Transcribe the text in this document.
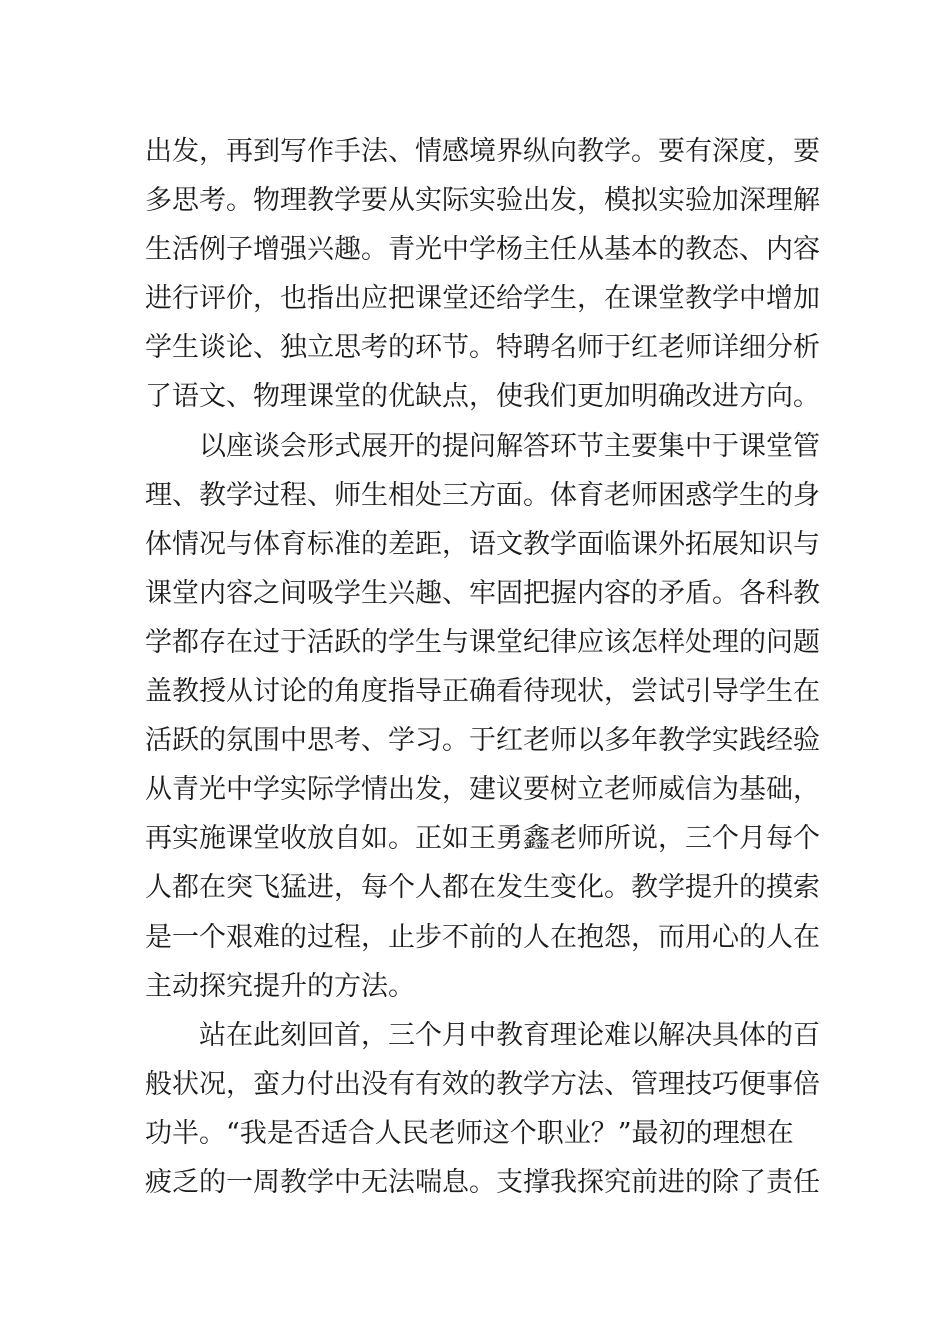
出发，再到写作手法、情感境界纵向教学。要有深度，要
多思考。物理教学要从实际实验出发，模拟实验加深理解
生活例子增强兴趣。青光中学杨主任从基本的教态、内容
进行评价，也指出应把课堂还给学生，在课堂教学中增加
学生谈论、独立思考的环节。特聘名师于红老师详细分析
了语文、物理课堂的优缺点，使我们更加明确改进方向。
以座谈会形式展开的提问解答环节主要集中于课堂管
理、教学过程、师生相处三方面。体育老师困惑学生的身
体情况与体育标准的差距，语文教学面临课外拓展知识与
课堂内容之间吸学生兴趣、牢固把握内容的矛盾。各科教
学都存在过于活跃的学生与课堂纪律应该怎样处理的问题
盖教授从讨论的角度指导正确看待现状，尝试引导学生在
活跃的氛围中思考、学习。于红老师以多年教学实践经验
从青光中学实际学情出发，建议要树立老师威信为基础，
再实施课堂收放自如。正如王勇鑫老师所说，三个月每个
人都在突飞猛进，每个人都在发生变化。教学提升的摸索
是一个艰难的过程，止步不前的人在抱怨，而用心的人在
主动探究提升的方法。
站在此刻回首，三个月中教育理论难以解决具体的百
般状况，蛮力付出没有有效的教学方法、管理技巧便事倍
功半。“我是否适合人民老师这个职业？”最初的理想在
疲乏的一周教学中无法喘息。支撑我探究前进的除了责任
